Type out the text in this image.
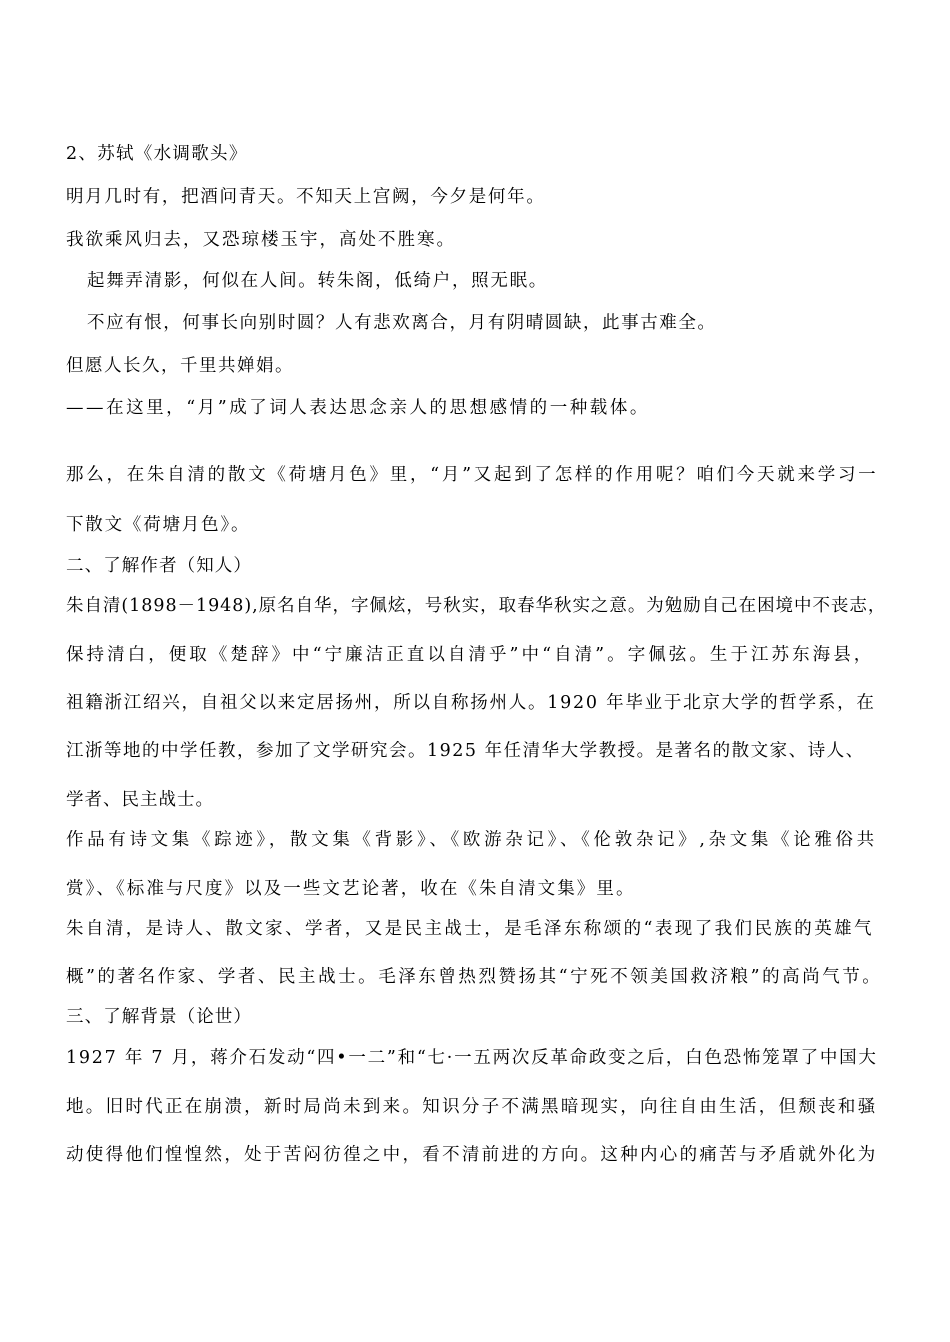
2、苏轼《水调歌头》
明月几时有，把酒问青天。不知天上宫阙，今夕是何年。
我欲乘风归去，又恐琼楼玉宇，高处不胜寒。
起舞弄清影，何似在人间。转朱阁，低绮户，照无眠。
不应有恨，何事长向别时圆？人有悲欢离合，月有阴晴圆缺，此事古难全。
但愿人长久，千里共婵娟。
——在这里，“月”成了词人表达思念亲人的思想感情的一种载体。
那么，在朱自清的散文《荷塘月色》里，“月”又起到了怎样的作用呢？咱们今天就来学习一
下散文《荷塘月色》。
二、了解作者（知人）
朱自清(1898－1948),原名自华，字佩炫，号秋实，取春华秋实之意。为勉励自己在困境中不丧志，
保持清白，便取《楚辞》中“宁廉洁正直以自清乎”中“自清”。字佩弦。生于江苏东海县，
祖籍浙江绍兴，自祖父以来定居扬州，所以自称扬州人。1920 年毕业于北京大学的哲学系，在
江浙等地的中学任教，参加了文学研究会。1925 年任清华大学教授。是著名的散文家、诗人、
学者、民主战士。
作品有诗文集《踪迹》，散文集《背影》、《欧游杂记》、《伦敦杂记》,杂文集《论雅俗共
赏》、《标准与尺度》以及一些文艺论著，收在《朱自清文集》里。
朱自清，是诗人、散文家、学者，又是民主战士，是毛泽东称颂的“表现了我们民族的英雄气
概”的著名作家、学者、民主战士。毛泽东曾热烈赞扬其“宁死不领美国救济粮”的高尚气节。
三、了解背景（论世）
1927 年 7 月，蒋介石发动“四•一二”和“七·一五两次反革命政变之后，白色恐怖笼罩了中国大
地。旧时代正在崩溃，新时局尚未到来。知识分子不满黑暗现实，向往自由生活，但颓丧和骚
动使得他们惶惶然，处于苦闷彷徨之中，看不清前进的方向。这种内心的痛苦与矛盾就外化为
